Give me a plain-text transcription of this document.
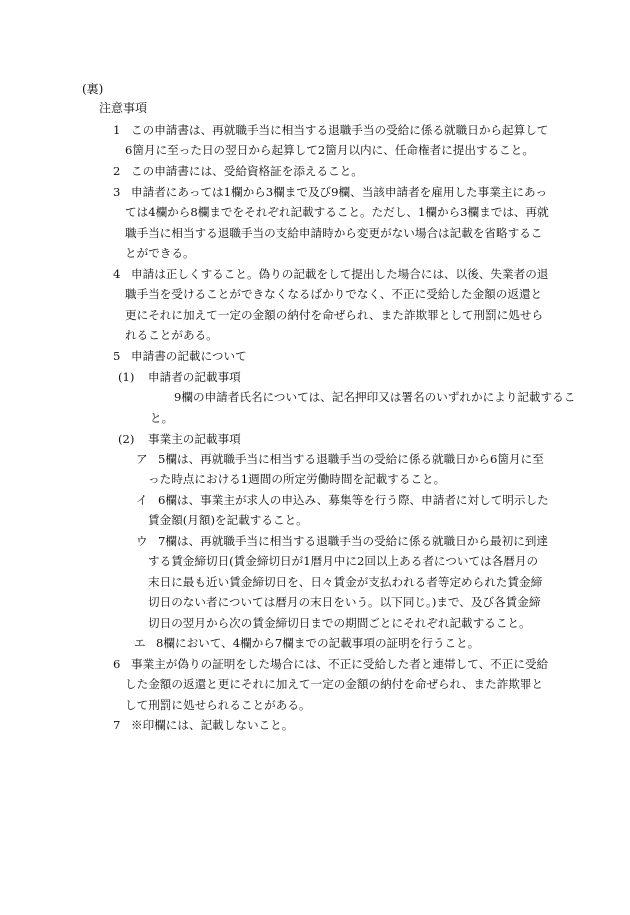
(裏)
注意事項
1 この申請書は、再就職手当に相当する退職手当の受給に係る就職日から起算して
6箇月に至った日の翌日から起算して2箇月以内に、任命権者に提出すること。
2 この申請書には、受給資格証を添えること。
3 申請者にあっては1欄から3欄まで及び9欄、当該申請者を雇用した事業主にあっ
ては4欄から8欄までをそれぞれ記載すること。ただし、1欄から3欄までは、再就
職手当に相当する退職手当の支給申請時から変更がない場合は記載を省略するこ
とができる。
4 申請は正しくすること。偽りの記載をして提出した場合には、以後、失業者の退
職手当を受けることができなくなるばかりでなく、不正に受給した金額の返還と
更にそれに加えて一定の金額の納付を命ぜられ、また詐欺罪として刑罰に処せら
れることがある。
5 申請書の記載について
(1) 申請者の記載事項
9欄の申請者氏名については、記名押印又は署名のいずれかにより記載するこ
と。
(2) 事業主の記載事項
ア 5欄は、再就職手当に相当する退職手当の受給に係る就職日から6箇月に至
った時点における1週間の所定労働時間を記載すること。
イ 6欄は、事業主が求人の申込み、募集等を行う際、申請者に対して明示した
賃金額(月額)を記載すること。
ウ 7欄は、再就職手当に相当する退職手当の受給に係る就職日から最初に到達
する賃金締切日(賃金締切日が1暦月中に2回以上ある者については各暦月の
末日に最も近い賃金締切日を、日々賃金が支払われる者等定められた賃金締
切日のない者については暦月の末日をいう。以下同じ。)まで、及び各賃金締
切日の翌月から次の賃金締切日までの期間ごとにそれぞれ記載すること。
エ 8欄において、4欄から7欄までの記載事項の証明を行うこと。
6 事業主が偽りの証明をした場合には、不正に受給した者と連帯して、不正に受給
した金額の返還と更にそれに加えて一定の金額の納付を命ぜられ、また詐欺罪と
して刑罰に処せられることがある。
7 ※印欄には、記載しないこと。
